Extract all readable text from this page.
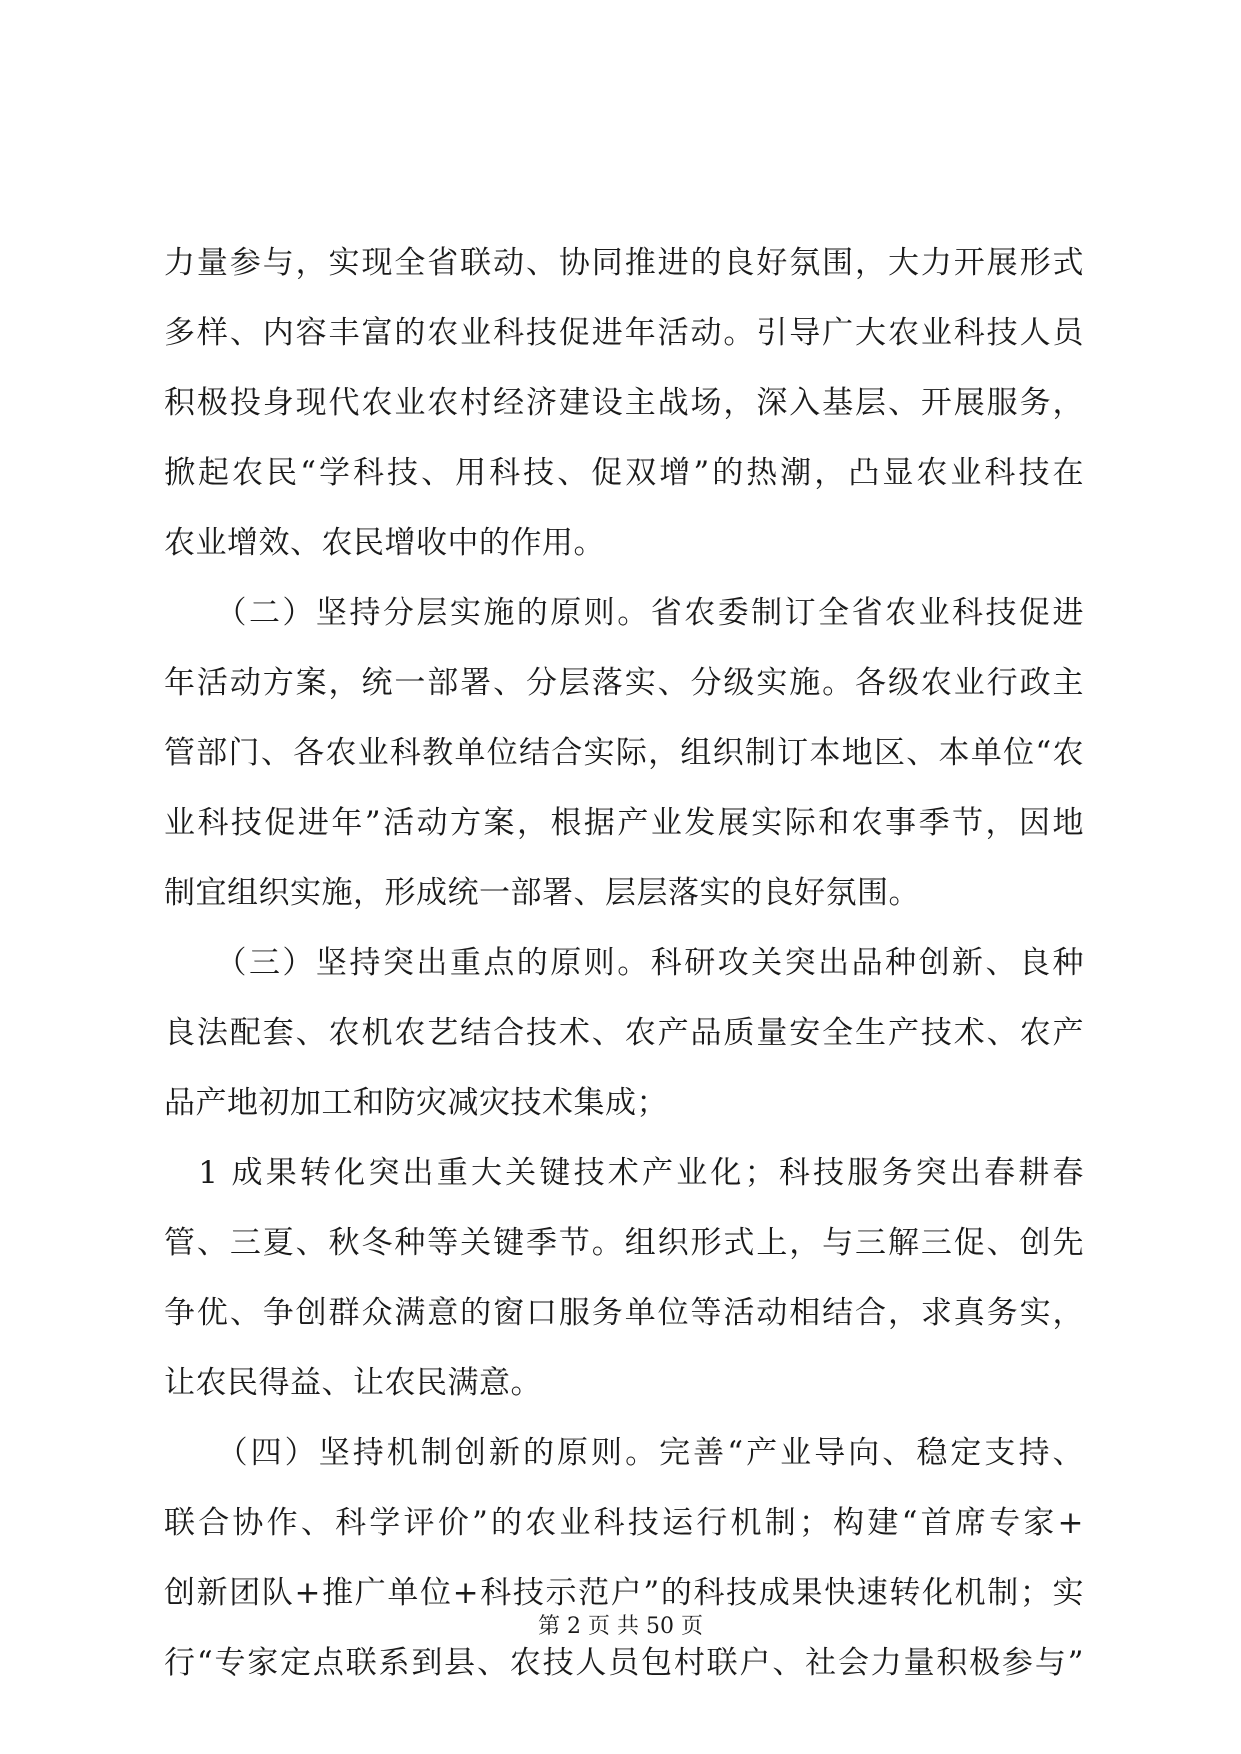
力量参与，实现全省联动、协同推进的良好氛围，大力开展形式
多样、内容丰富的农业科技促进年活动。引导广大农业科技人员
积极投身现代农业农村经济建设主战场，深入基层、开展服务，
掀起农民“学科技、用科技、促双增”的热潮，凸显农业科技在
农业增效、农民增收中的作用。
　　（二）坚持分层实施的原则。省农委制订全省农业科技促进
年活动方案，统一部署、分层落实、分级实施。各级农业行政主
管部门、各农业科教单位结合实际，组织制订本地区、本单位“农
业科技促进年”活动方案，根据产业发展实际和农事季节，因地
制宜组织实施，形成统一部署、层层落实的良好氛围。
　　（三）坚持突出重点的原则。科研攻关突出品种创新、良种
良法配套、农机农艺结合技术、农产品质量安全生产技术、农产
品产地初加工和防灾减灾技术集成；
　1 成果转化突出重大关键技术产业化；科技服务突出春耕春
管、三夏、秋冬种等关键季节。组织形式上，与三解三促、创先
争优、争创群众满意的窗口服务单位等活动相结合，求真务实，
让农民得益、让农民满意。
　　（四）坚持机制创新的原则。完善“产业导向、稳定支持、
联合协作、科学评价”的农业科技运行机制；构建“首席专家+
创新团队+推广单位+科技示范户”的科技成果快速转化机制；实
行“专家定点联系到县、农技人员包村联户、社会力量积极参与”
第 2 页 共 50 页
